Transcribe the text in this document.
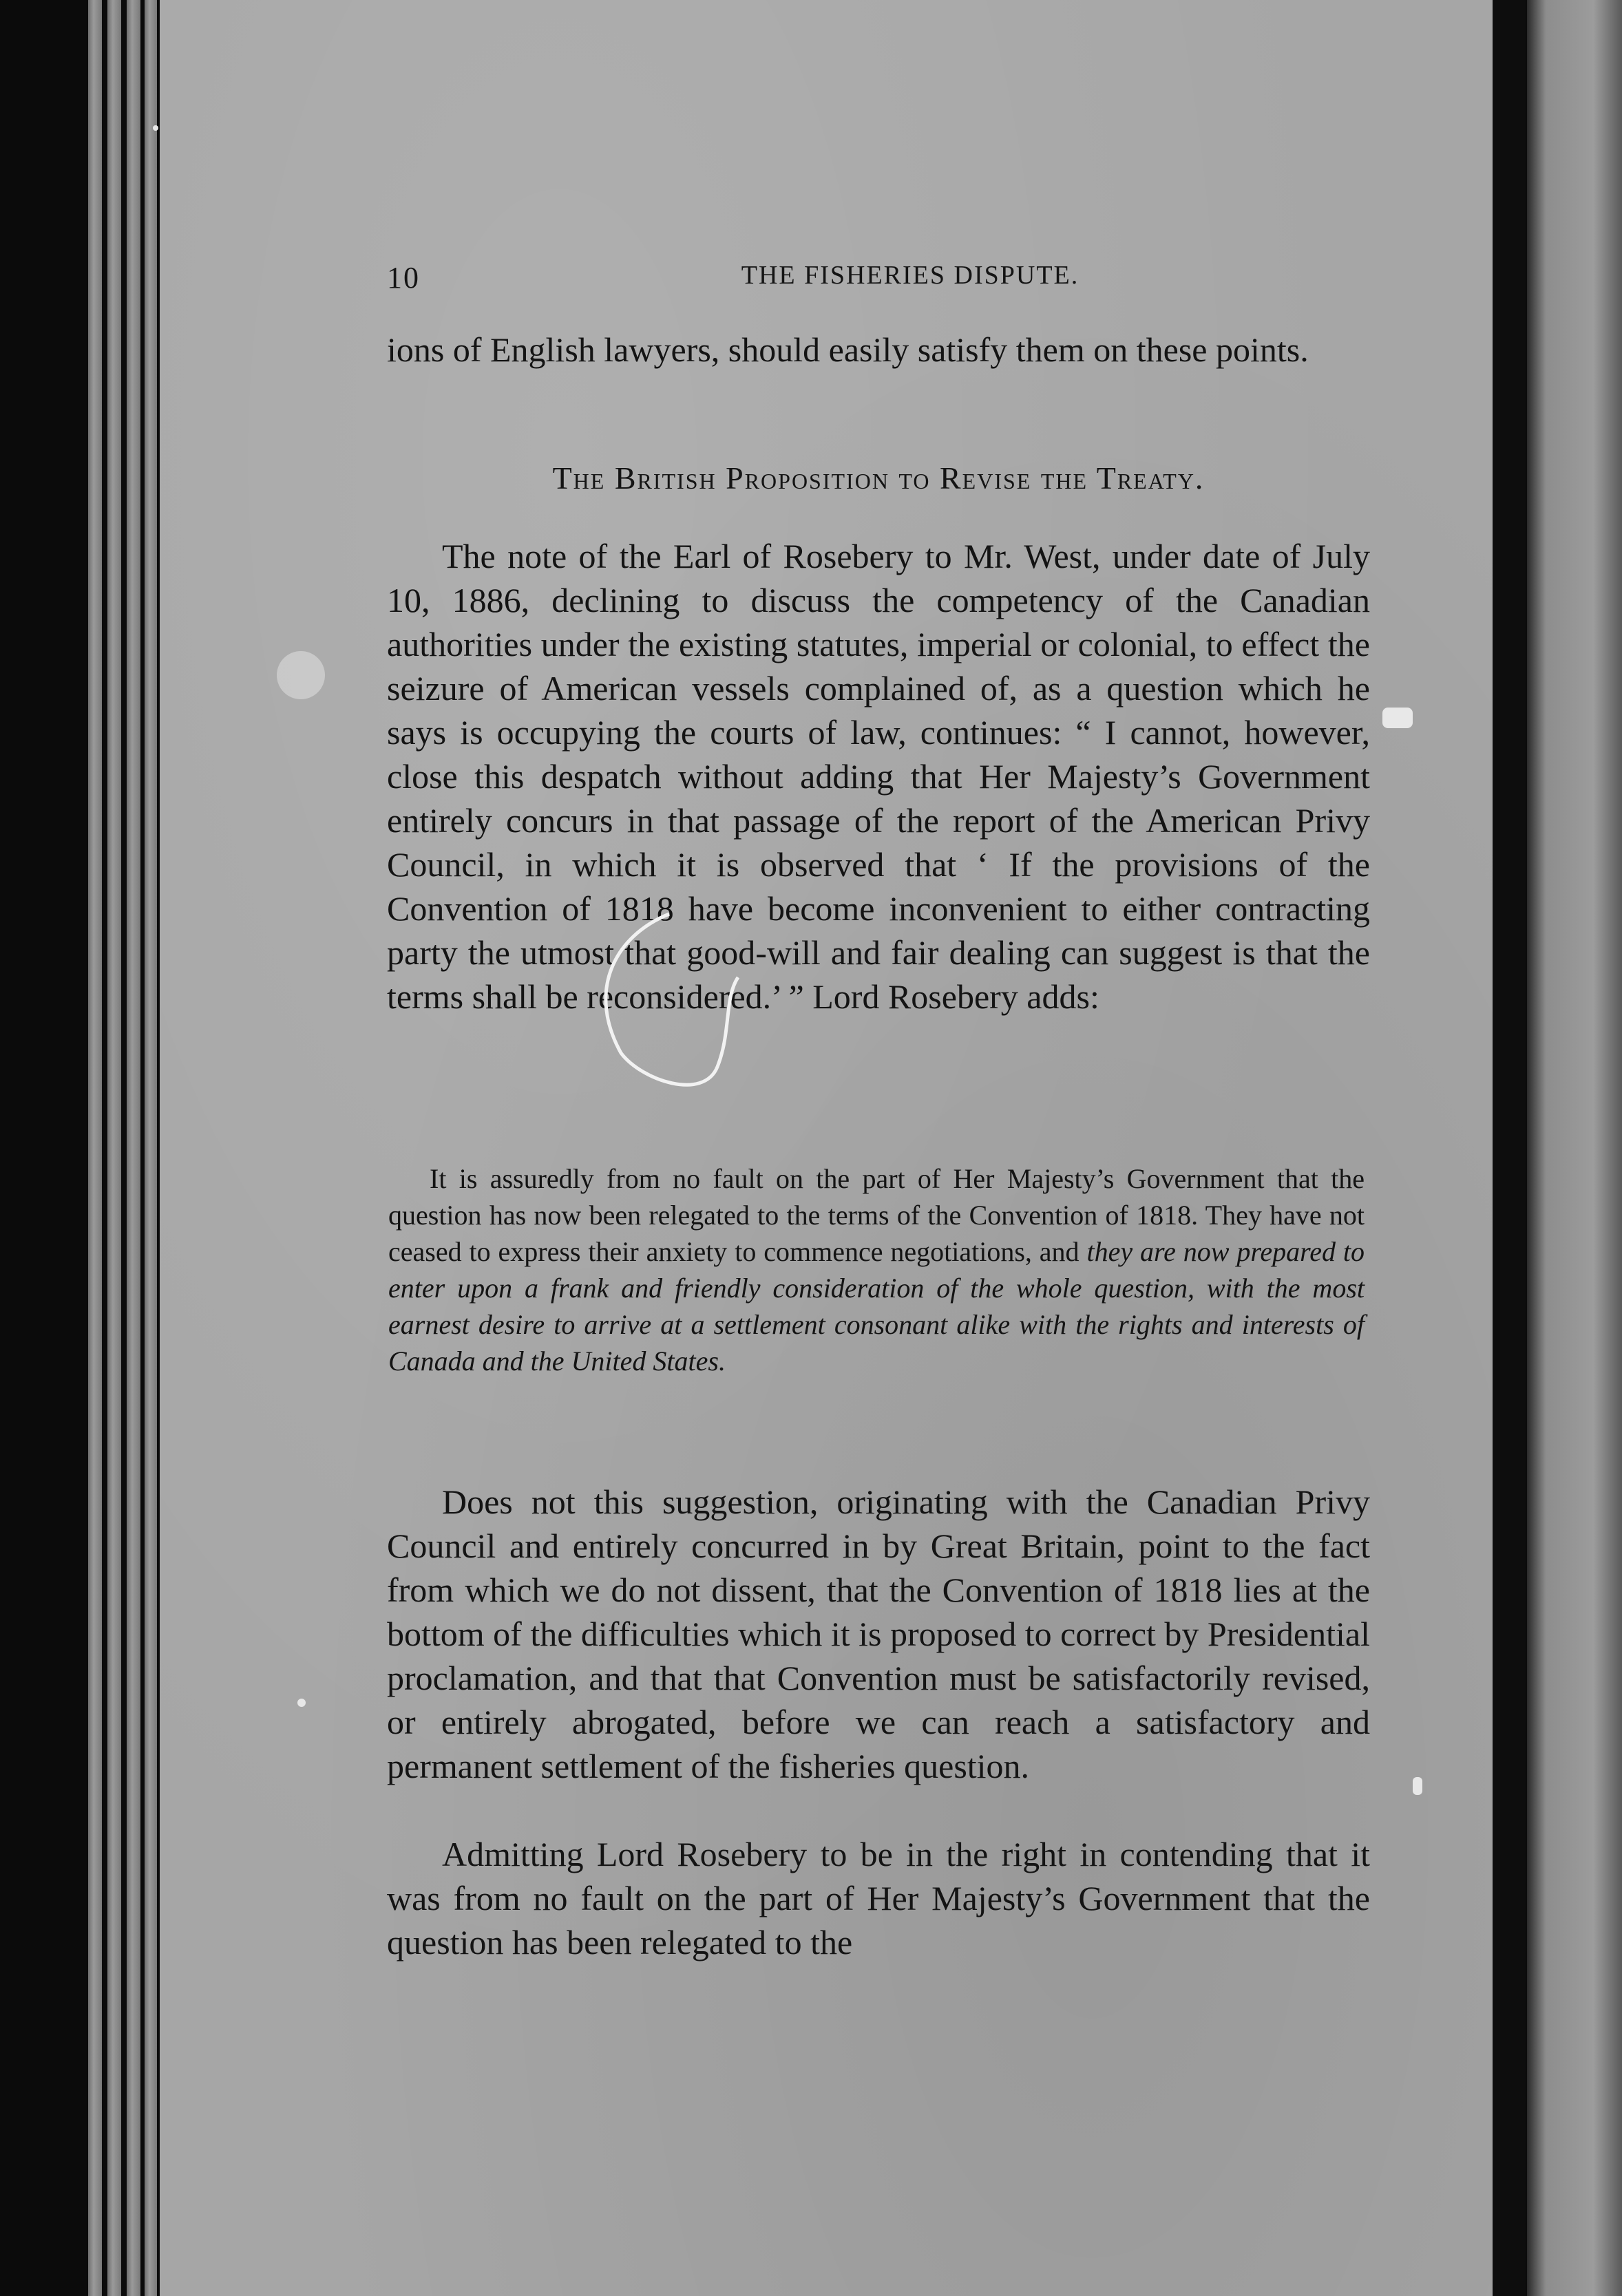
10	THE FISHERIES DISPUTE.

ions of English lawyers, should easily satisfy them on these points.

The British Proposition to Revise the Treaty.

The note of the Earl of Rosebery to Mr. West, under date of July 10, 1886, declining to discuss the competency of the Canadian authorities under the existing statutes, imperial or colonial, to effect the seizure of American vessels complained of, as a question which he says is occupying the courts of law, continues: “ I cannot, however, close this despatch without adding that Her Majesty’s Government entirely concurs in that passage of the report of the American Privy Council, in which it is observed that ‘ If the provisions of the Convention of 1818 have become inconvenient to either contracting party the utmost that good-will and fair dealing can suggest is that the terms shall be reconsidered.’ ” Lord Rosebery adds:

It is assuredly from no fault on the part of Her Majesty’s Government that the question has now been relegated to the terms of the Convention of 1818. They have not ceased to express their anxiety to commence negotiations, and they are now prepared to enter upon a frank and friendly consideration of the whole question, with the most earnest desire to arrive at a settlement consonant alike with the rights and interests of Canada and the United States.

Does not this suggestion, originating with the Canadian Privy Council and entirely concurred in by Great Britain, point to the fact from which we do not dissent, that the Convention of 1818 lies at the bottom of the difficulties which it is proposed to correct by Presidential proclamation, and that that Convention must be satisfactorily revised, or entirely abrogated, before we can reach a satisfactory and permanent settlement of the fisheries question.

Admitting Lord Rosebery to be in the right in contending that it was from no fault on the part of Her Majesty’s Government that the question has been relegated to the
